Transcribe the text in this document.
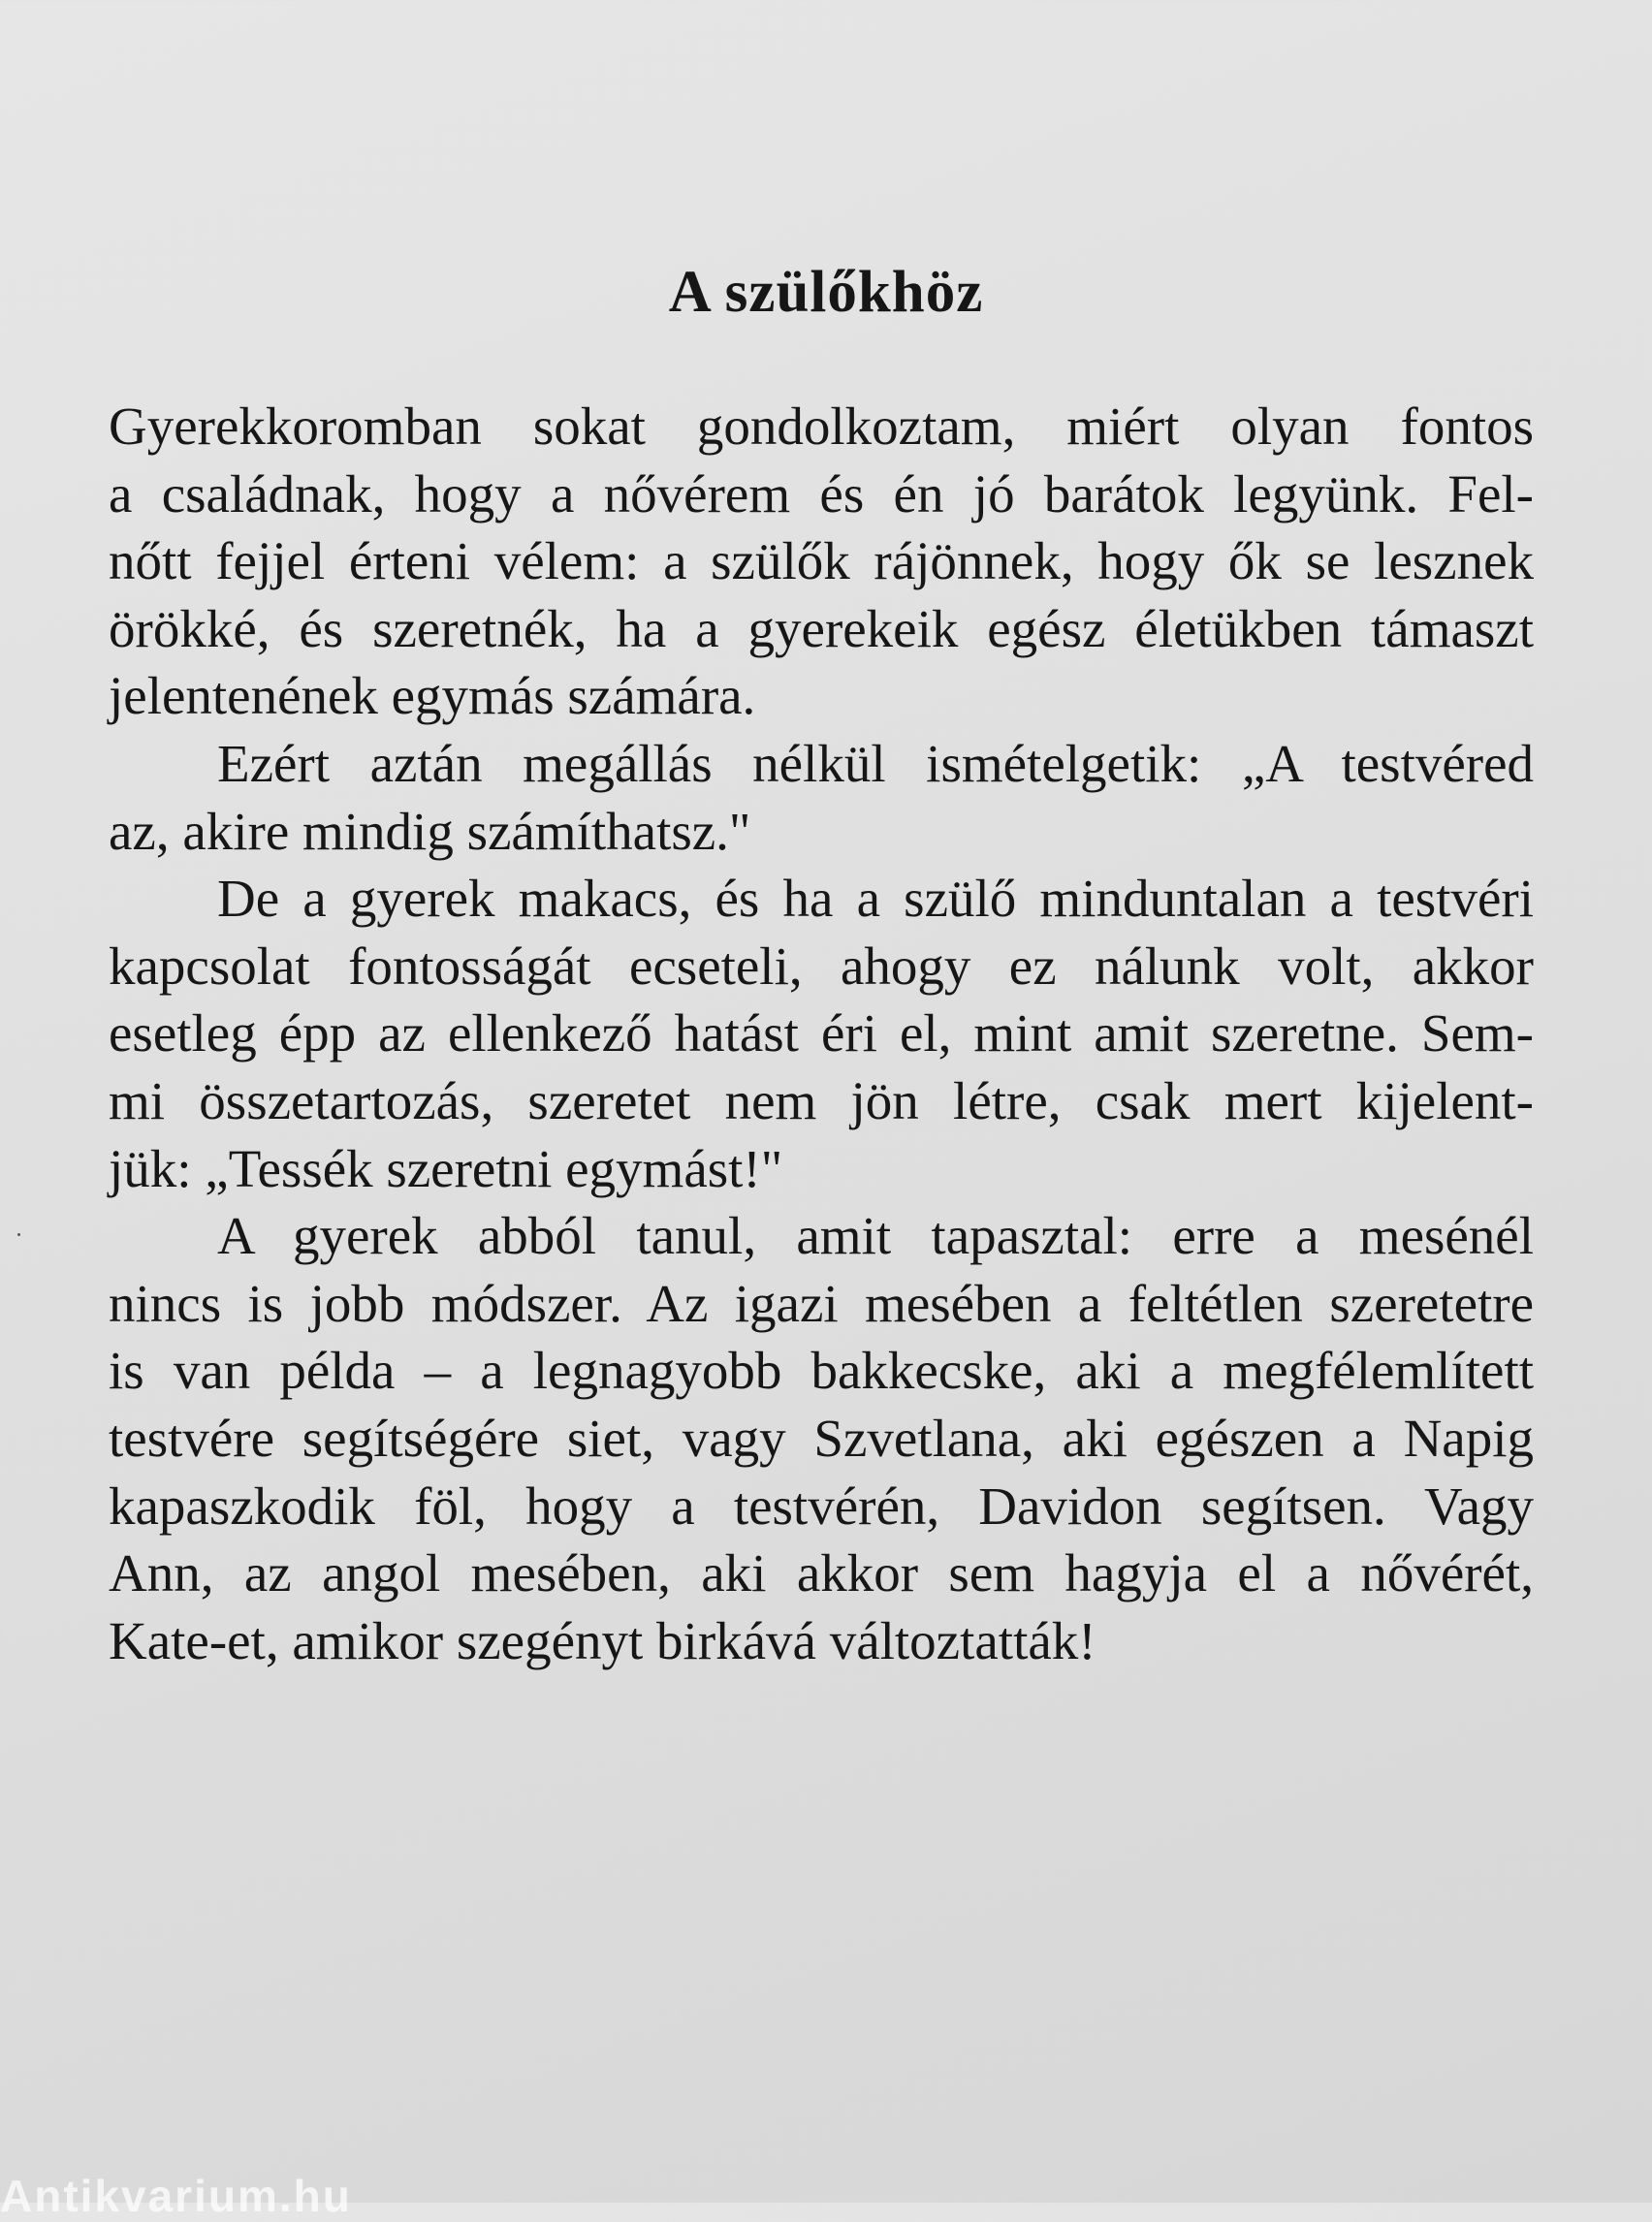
A szülőkhöz

Gyerekkoromban sokat gondolkoztam, miért olyan fontos
a családnak, hogy a nővérem és én jó barátok legyünk. Fel-
nőtt fejjel érteni vélem: a szülők rájönnek, hogy ők se lesznek
örökké, és szeretnék, ha a gyerekeik egész életükben támaszt
jelentenének egymás számára.

Ezért aztán megállás nélkül ismételgetik: „A testvéred
az, akire mindig számíthatsz."

De a gyerek makacs, és ha a szülő minduntalan a testvéri
kapcsolat fontosságát ecseteli, ahogy ez nálunk volt, akkor
esetleg épp az ellenkező hatást éri el, mint amit szeretne. Sem-
mi összetartozás, szeretet nem jön létre, csak mert kijelent-
jük: „Tessék szeretni egymást!"

A gyerek abból tanul, amit tapasztal: erre a mesénél
nincs is jobb módszer. Az igazi mesében a feltétlen szeretetre
is van példa – a legnagyobb bakkecske, aki a megfélemlített
testvére segítségére siet, vagy Szvetlana, aki egészen a Napig
kapaszkodik föl, hogy a testvérén, Davidon segítsen. Vagy
Ann, az angol mesében, aki akkor sem hagyja el a nővérét,
Kate-et, amikor szegényt birkává változtatták!

Antikvarium.hu
